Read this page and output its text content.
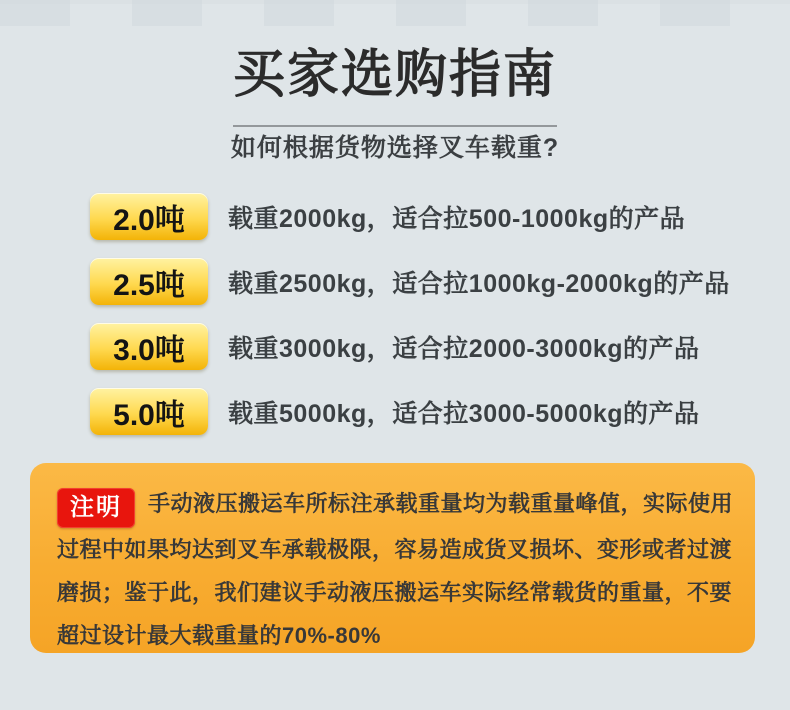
买家选购指南
如何根据货物选择叉车载重?
2.0吨	载重2000kg，适合拉500-1000kg的产品
2.5吨	载重2500kg，适合拉1000kg-2000kg的产品
3.0吨	载重3000kg，适合拉2000-3000kg的产品
5.0吨	载重5000kg，适合拉3000-5000kg的产品
注明 手动液压搬运车所标注承载重量均为载重量峰值，实际使用
过程中如果均达到叉车承载极限，容易造成货叉损坏、变形或者过渡
磨损；鉴于此，我们建议手动液压搬运车实际经常载货的重量，不要
超过设计最大载重量的70%-80%
